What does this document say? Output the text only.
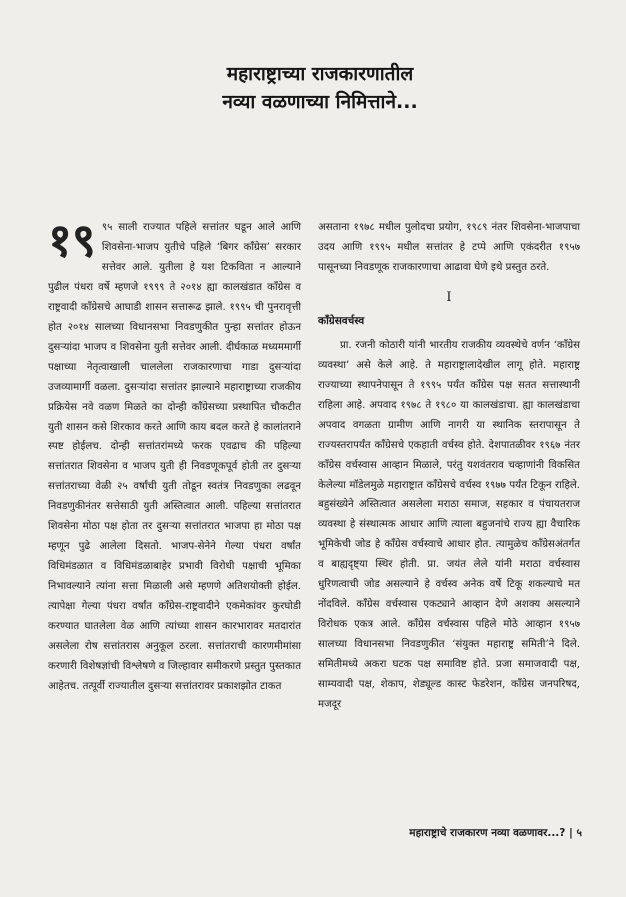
महाराष्ट्राच्या राजकारणातील
नव्या वळणाच्या निमित्ताने...
१९ ९५ साली राज्यात पहिले सत्तांतर घडून आले आणि शिवसेना-भाजप युतीचे पहिले ‘बिगर काँग्रेस’ सरकार सत्तेवर आले. युतीला हे यश टिकविता न आल्याने पुढील पंधरा वर्षे म्हणजे १९९९ ते २०१४ ह्या कालखंडात काँग्रेस व राष्ट्रवादी काँग्रेसचे आघाडी शासन सत्तारूढ झाले. १९९५ ची पुनरावृत्ती होत २०१४ सालच्या विधानसभा निवडणुकीत पुन्हा सत्तांतर होऊन दुसऱ्यांदा भाजप व शिवसेना युती सत्तेवर आली. दीर्घकाळ मध्यममार्गी पक्षाच्या नेतृत्वाखाली चाललेला राजकारणाचा गाडा दुसऱ्यांदा उजव्यामार्गी वळला. दुसऱ्यांदा सत्तांतर झाल्याने महाराष्ट्राच्या राजकीय प्रक्रियेस नवे वळण मिळते का दोन्ही काँग्रेसच्या प्रस्थापित चौकटीत युती शासन कसे शिरकाव करते आणि काय बदल करते हे कालांतराने स्पष्ट होईलच. दोन्ही सत्तांतरांमध्ये फरक एवढाच की पहिल्या सत्तांतरात शिवसेना व भाजप युती ही निवडणूकपूर्व होती तर दुसऱ्या सत्तांतराच्या वेळी २५ वर्षांची युती तोडून स्वतंत्र निवडणुका लढवून निवडणुकीनंतर सत्तेसाठी युती अस्तित्वात आली. पहिल्या सत्तांतरात शिवसेना मोठा पक्ष होता तर दुसऱ्या सत्तांतरात भाजपा हा मोठा पक्ष म्हणून पुढे आलेला दिसतो. भाजप-सेनेने गेल्या पंधरा वर्षांत विधिमंडळात व विधिमंडळाबाहेर प्रभावी विरोधी पक्षाची भूमिका निभावल्याने त्यांना सत्ता मिळाली असे म्हणणे अतिशयोक्ती होईल. त्यापेक्षा गेल्या पंधरा वर्षांत काँग्रेस-राष्ट्रवादीने एकमेकांवर कुरघोडी करण्यात घातलेला वेळ आणि त्यांच्या शासन कारभारावर मतदारांत असलेला रोष सत्तांतरास अनुकूल ठरला. सत्तांतराची कारणमीमांसा करणारी विशेषज्ञांची विश्लेषणे व जिल्हावार समीकरणे प्रस्तुत पुस्तकात आहेतच. तत्पूर्वी राज्यातील दुसऱ्या सत्तांतरावर प्रकाशझोत टाकत

असताना १९७८ मधील पुलोदचा प्रयोग, १९८९ नंतर शिवसेना-भाजपाचा उदय आणि १९९५ मधील सत्तांतर हे टप्पे आणि एकंदरीत १९५७ पासूनच्या निवडणूक राजकारणाचा आढावा घेणे इथे प्रस्तुत ठरते.

I
काँग्रेसवर्चस्व

प्रा. रजनी कोठारी यांनी भारतीय राजकीय व्यवस्थेचे वर्णन ‘काँग्रेस व्यवस्था’ असे केले आहे. ते महाराष्ट्रालादेखील लागू होते. महाराष्ट्र राज्याच्या स्थापनेपासून ते १९९५ पर्यंत काँग्रेस पक्ष सतत सत्तास्थानी राहिला आहे. अपवाद १९७८ ते १९८० या कालखंडाचा. ह्या कालखंडाचा अपवाद वगळता ग्रामीण आणि नागरी या स्थानिक स्तरापासून ते राज्यस्तरापर्यंत काँग्रेसचे एकहाती वर्चस्व होते. देशपातळीवर १९६७ नंतर काँग्रेस वर्चस्वास आव्हान मिळाले, परंतु यशवंतराव चव्हाणांनी विकसित केलेल्या मॉडेलमुळे महाराष्ट्रात काँग्रेसचे वर्चस्व १९७७ पर्यंत टिकून राहिले. बहुसंख्येने अस्तित्वात असलेला मराठा समाज, सहकार व पंचायतराज व्यवस्था हे संस्थात्मक आधार आणि त्याला बहुजनांचे राज्य ह्या वैचारिक भूमिकेची जोड हे काँग्रेस वर्चस्वाचे आधार होत. त्यामुळेच काँग्रेसअंतर्गत व बाह्यदृष्ट्या स्थिर होती. प्रा. जयंत लेले यांनी मराठा वर्चस्वास धुरिणत्वाची जोड असल्याने हे वर्चस्व अनेक वर्षे टिकू शकल्याचे मत नोंदविले. काँग्रेस वर्चस्वास एकट्याने आव्हान देणे अशक्य असल्याने विरोधक एकत्र आले. काँग्रेस वर्चस्वास पहिले मोठे आव्हान १९५७ सालच्या विधानसभा निवडणुकीत ‘संयुक्त महाराष्ट्र समिती’ने दिले. समितीमध्ये अकरा घटक पक्ष समाविष्ट होते. प्रजा समाजवादी पक्ष, साम्यवादी पक्ष, शेकाप, शेड्यूल्ड कास्ट फेडरेशन, काँग्रेस जनपरिषद, मजदूर

महाराष्ट्राचे राजकारण नव्या वळणावर...? | ५
